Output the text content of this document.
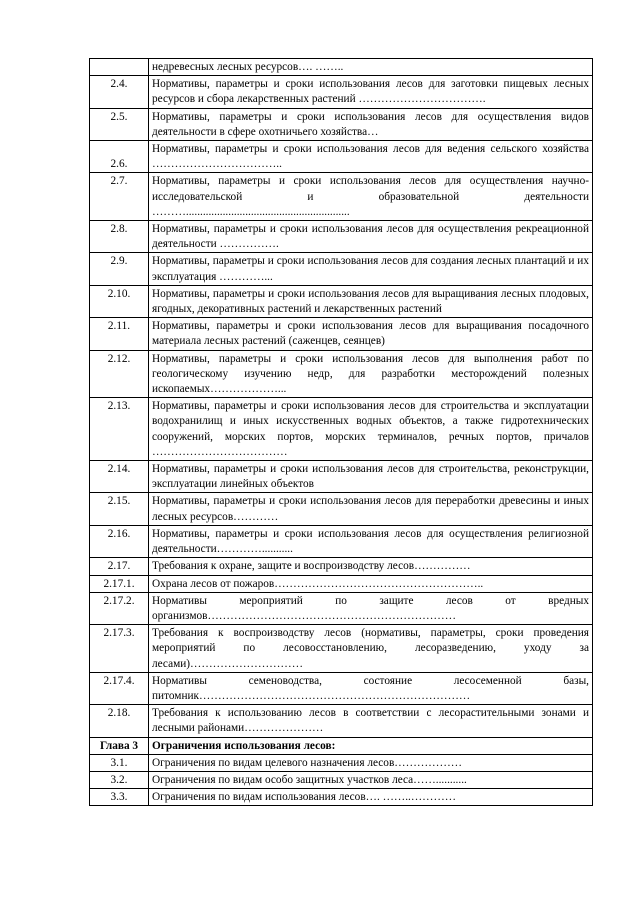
	недревесных лесных ресурсов…. ……..
2.4.	Нормативы, параметры и сроки использования лесов для заготовки пищевых лесных ресурсов и сбора лекарственных растений …………………………….
2.5.	Нормативы, параметры и сроки использования лесов для осуществления видов деятельности в сфере охотничьего хозяйства…
2.6.	Нормативы, параметры и сроки использования лесов для ведения сельского хозяйства ……………………………..
2.7.	Нормативы, параметры и сроки использования лесов для осуществления научно-исследовательской и образовательной деятельности ………..........................................................
2.8.	Нормативы, параметры и сроки использования лесов для осуществления рекреационной деятельности …………….
2.9.	Нормативы, параметры и сроки использования лесов для создания лесных плантаций и их эксплуатация …………...
2.10.	Нормативы, параметры и сроки использования лесов для выращивания лесных плодовых, ягодных, декоративных растений и лекарственных растений
2.11.	Нормативы, параметры и сроки использования лесов для выращивания посадочного материала лесных растений (саженцев, сеянцев)
2.12.	Нормативы, параметры и сроки использования лесов для выполнения работ по геологическому изучению недр, для разработки месторождений полезных ископаемых………………...
2.13.	Нормативы, параметры и сроки использования лесов для строительства и эксплуатации водохранилищ и иных искусственных водных объектов, а также гидротехнических сооружений, морских портов, морских терминалов, речных портов, причалов ………………………………
2.14.	Нормативы, параметры и сроки использования лесов для строительства, реконструкции, эксплуатации линейных объектов
2.15.	Нормативы, параметры и сроки использования лесов для переработки древесины и иных лесных ресурсов…………
2.16.	Нормативы, параметры и сроки использования лесов для осуществления религиозной деятельности…………...........
2.17.	Требования к охране, защите и воспроизводству лесов……………
2.17.1.	Охрана лесов от пожаров………………………………………………..
2.17.2.	Нормативы мероприятий по защите лесов от вредных организмов…………………………………………………………
2.17.3.	Требования к воспроизводству лесов (нормативы, параметры, сроки проведения мероприятий по лесовосстановлению, лесоразведению, уходу за лесами)…………………………
2.17.4.	Нормативы семеноводства, состояние лесосеменной базы, питомник………………………………………………………………
2.18.	Требования к использованию лесов в соответствии с лесорастительными зонами и лесными районами…………………
Глава 3	Ограничения использования лесов:
3.1.	Ограничения по видам целевого назначения лесов………………
3.2.	Ограничения по видам особо защитных участков леса……...........
3.3.	Ограничения по видам использования лесов…. ……..…………
